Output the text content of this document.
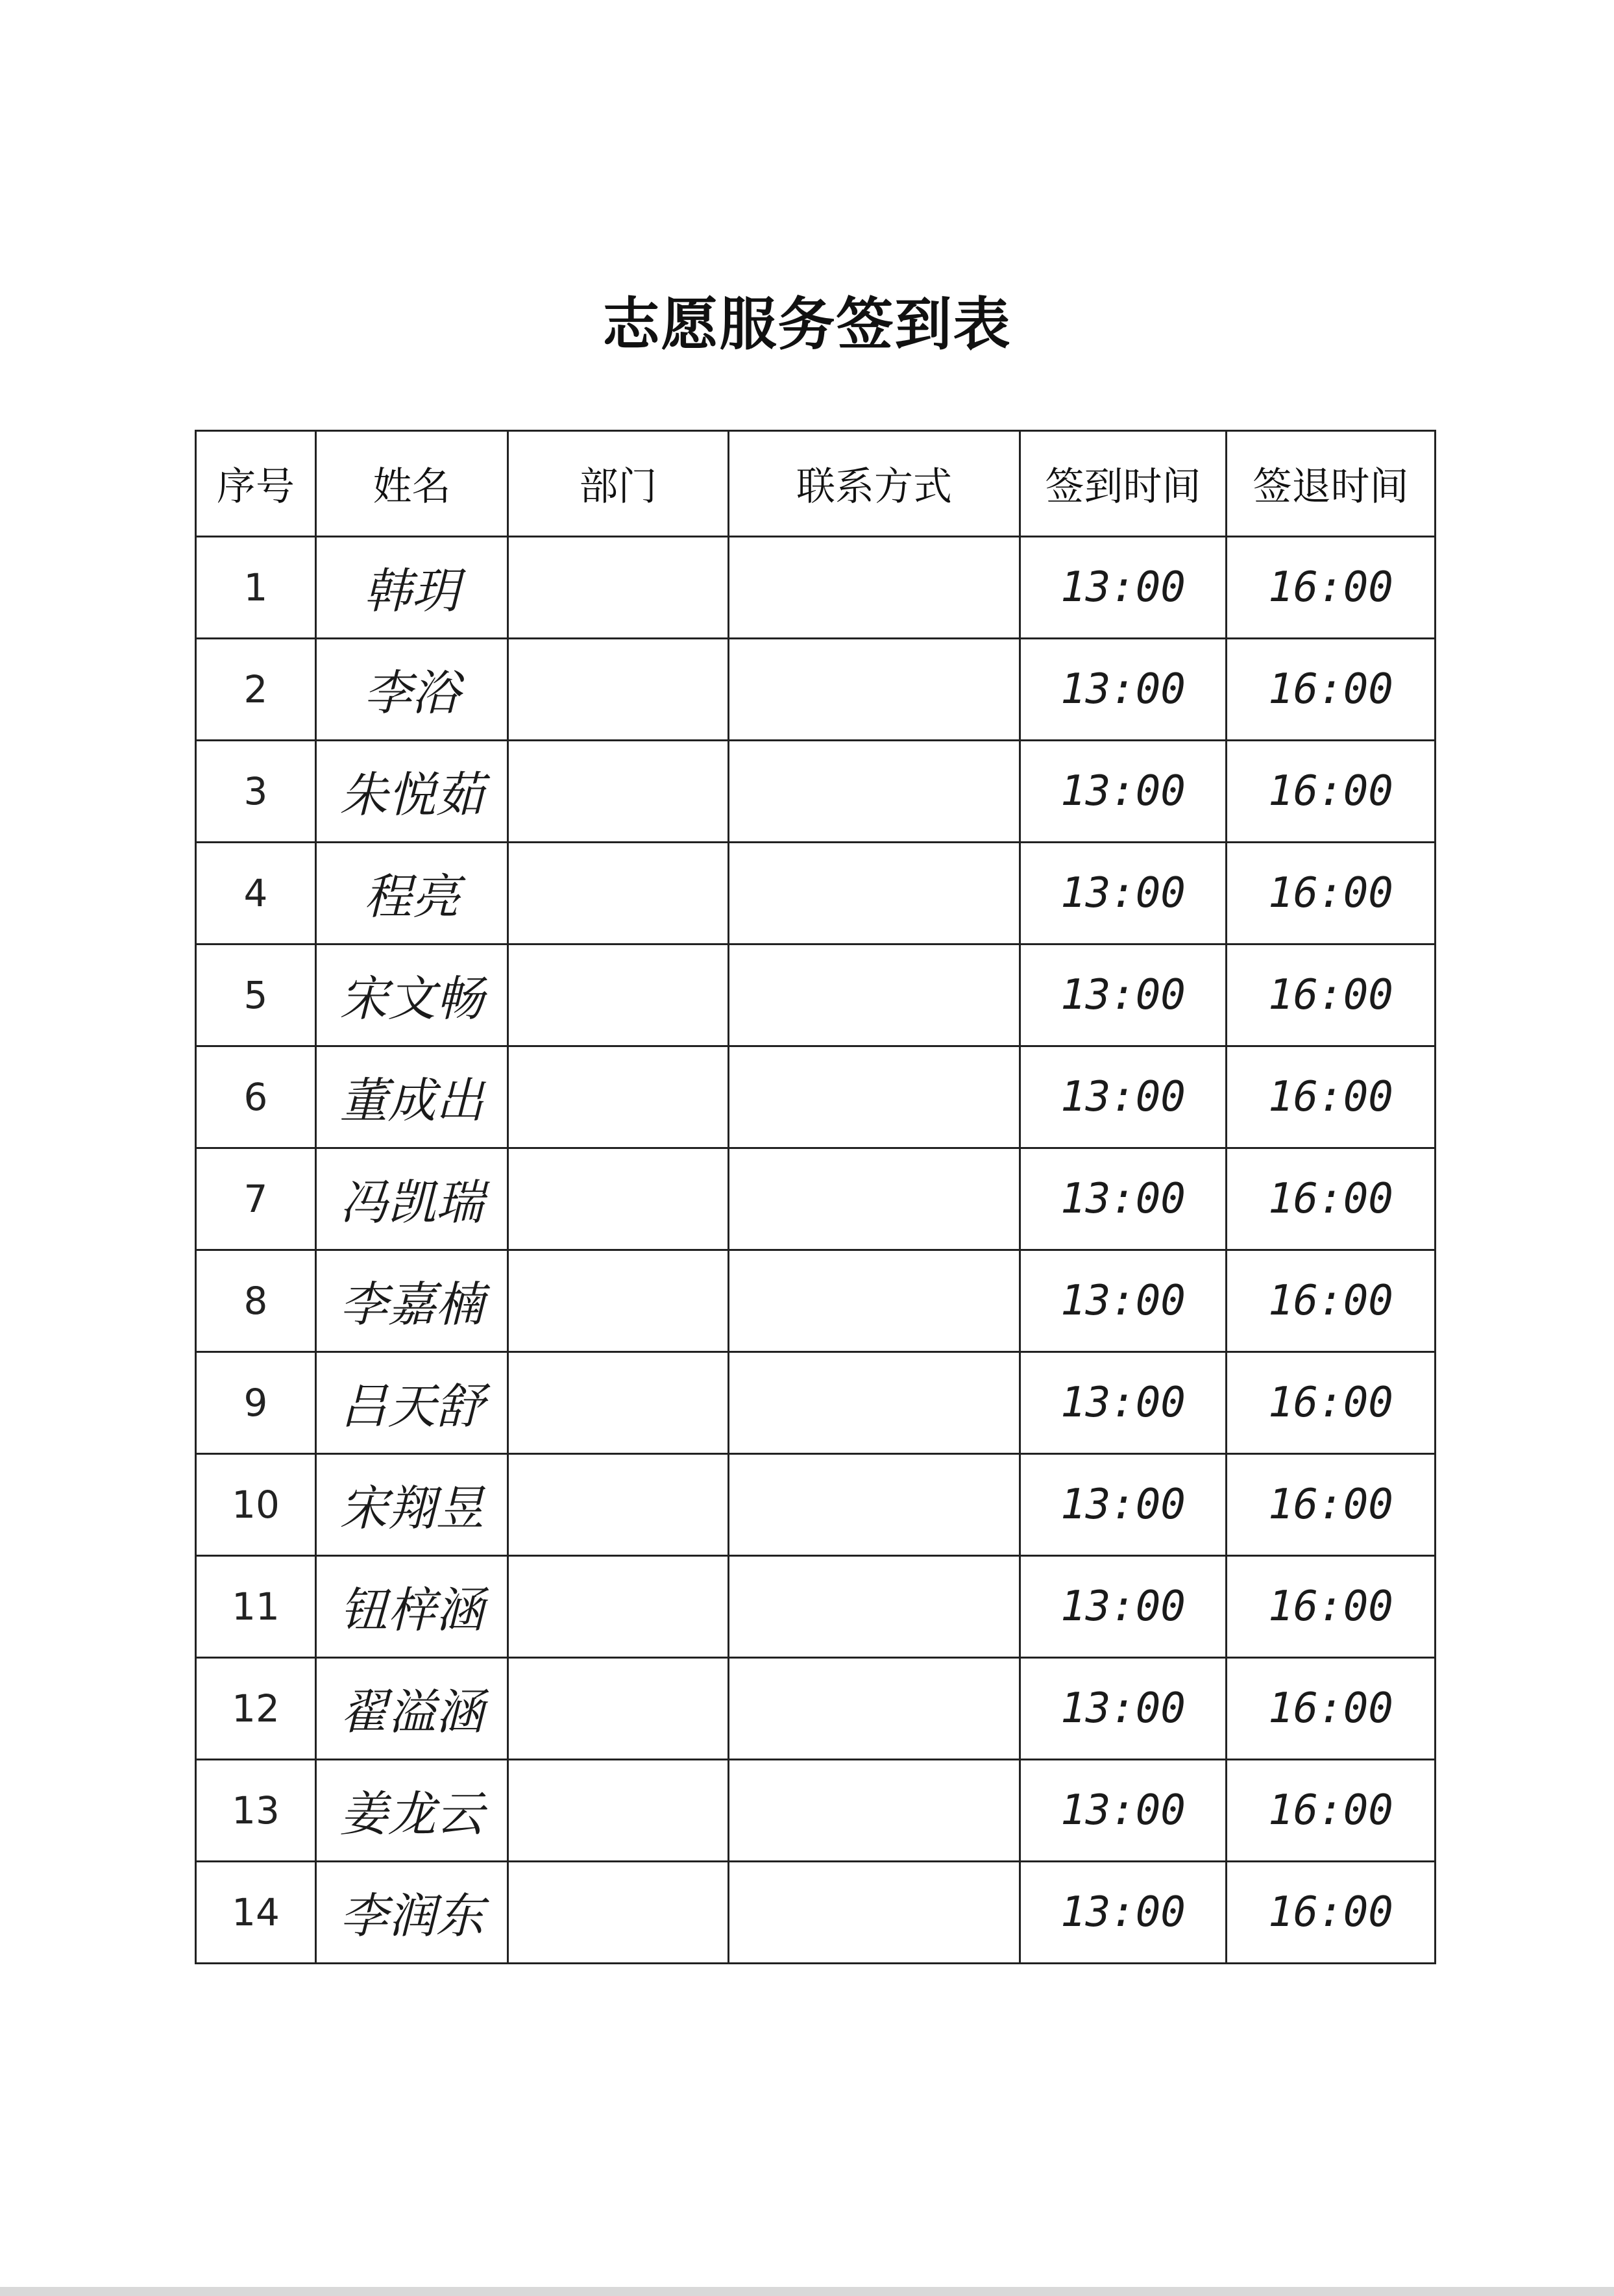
志愿服务签到表
序号	姓名	部门	联系方式	签到时间	签退时间
1	韩玥			13:00	16:00
2	李浴			13:00	16:00
3	朱悦茹			13:00	16:00
4	程亮			13:00	16:00
5	宋文畅			13:00	16:00
6	董成出			13:00	16:00
7	冯凯瑞			13:00	16:00
8	李嘉楠			13:00	16:00
9	吕天舒			13:00	16:00
10	宋翔昱			13:00	16:00
11	钮梓涵			13:00	16:00
12	翟溢涵			13:00	16:00
13	姜龙云			13:00	16:00
14	李润东			13:00	16:00
